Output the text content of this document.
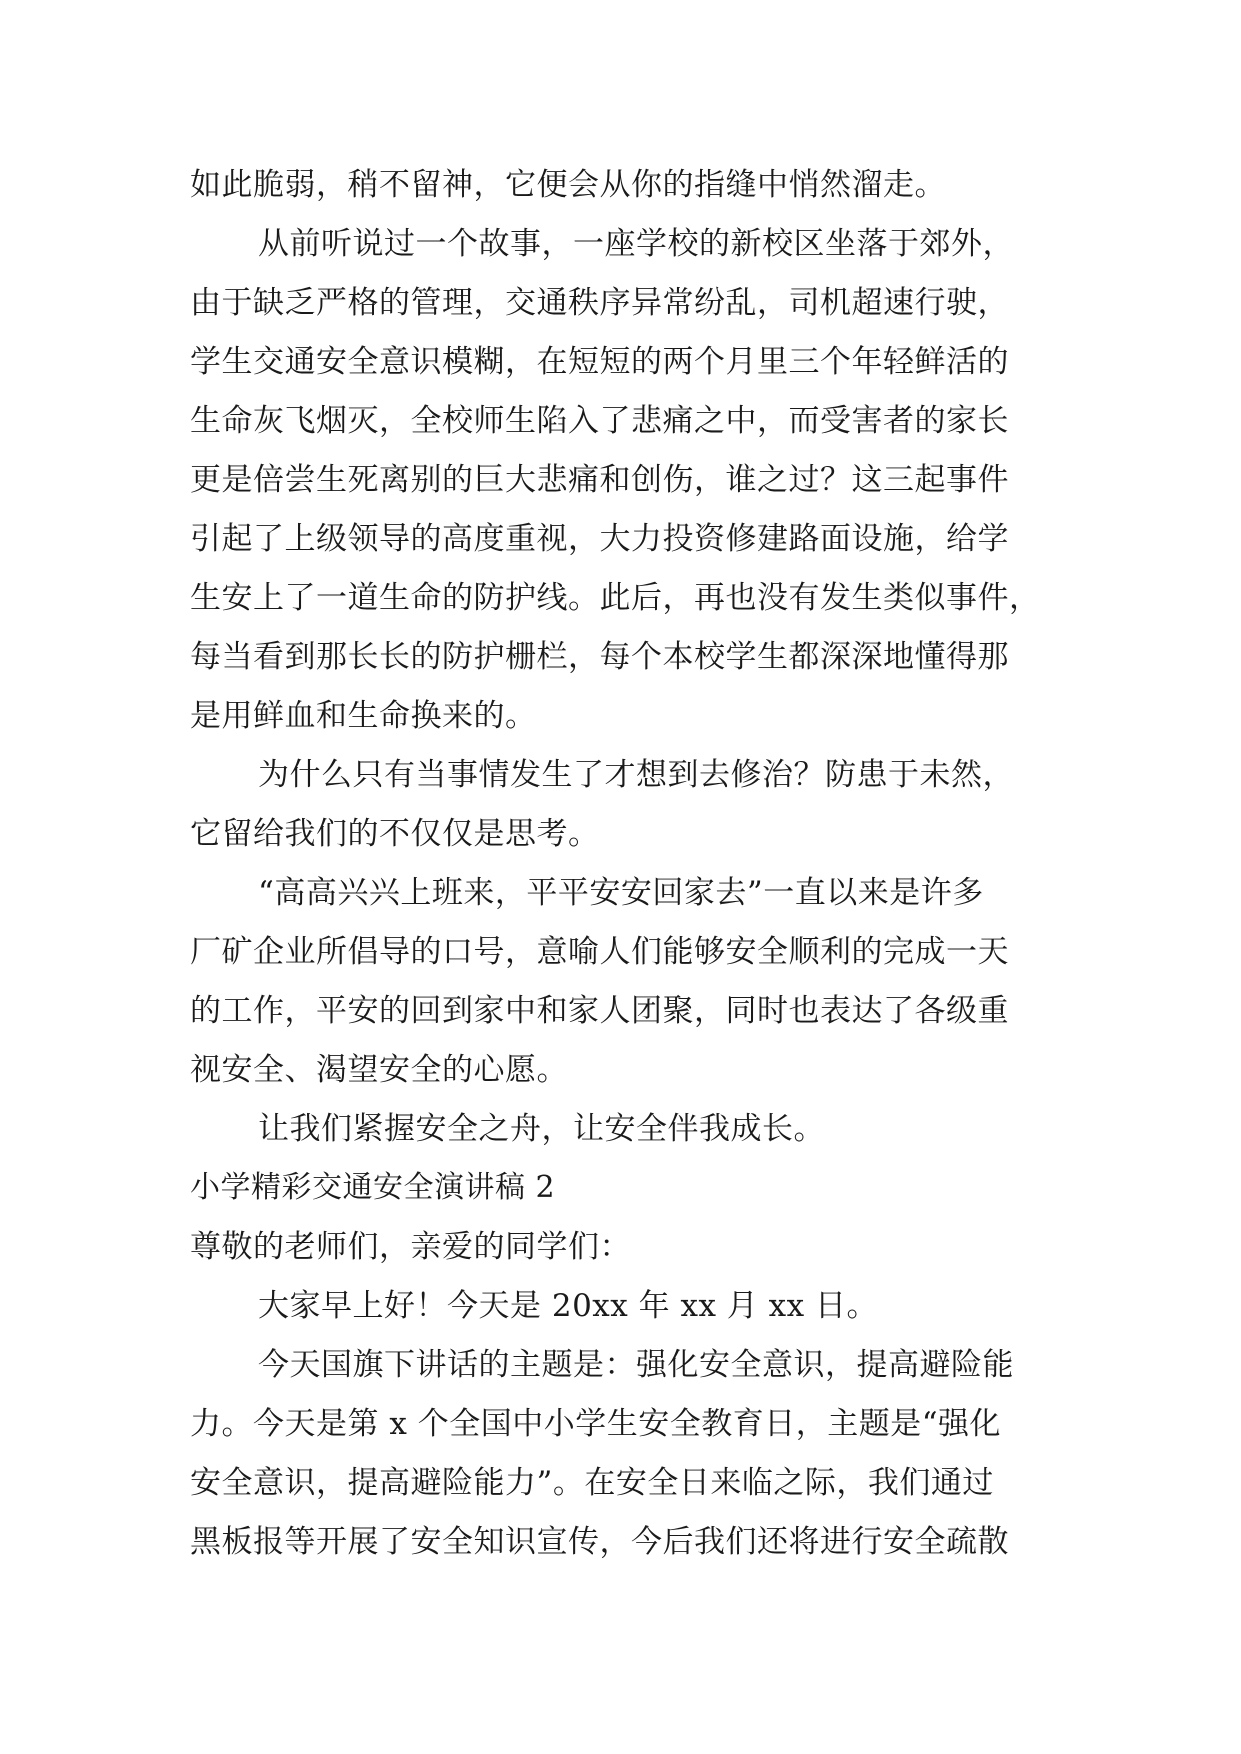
如此脆弱，稍不留神，它便会从你的指缝中悄然溜走。
从前听说过一个故事，一座学校的新校区坐落于郊外，
由于缺乏严格的管理，交通秩序异常纷乱，司机超速行驶，
学生交通安全意识模糊，在短短的两个月里三个年轻鲜活的
生命灰飞烟灭，全校师生陷入了悲痛之中，而受害者的家长
更是倍尝生死离别的巨大悲痛和创伤，谁之过？这三起事件
引起了上级领导的高度重视，大力投资修建路面设施，给学
生安上了一道生命的防护线。此后，再也没有发生类似事件，
每当看到那长长的防护栅栏，每个本校学生都深深地懂得那
是用鲜血和生命换来的。
为什么只有当事情发生了才想到去修治？防患于未然，
它留给我们的不仅仅是思考。
“高高兴兴上班来，平平安安回家去”一直以来是许多
厂矿企业所倡导的口号，意喻人们能够安全顺利的完成一天
的工作，平安的回到家中和家人团聚，同时也表达了各级重
视安全、渴望安全的心愿。
让我们紧握安全之舟，让安全伴我成长。
小学精彩交通安全演讲稿 2
尊敬的老师们，亲爱的同学们：
大家早上好！今天是 20xx 年 xx 月 xx 日。
今天国旗下讲话的主题是：强化安全意识，提高避险能
力。今天是第 x 个全国中小学生安全教育日，主题是“强化
安全意识，提高避险能力”。在安全日来临之际，我们通过
黑板报等开展了安全知识宣传，今后我们还将进行安全疏散
